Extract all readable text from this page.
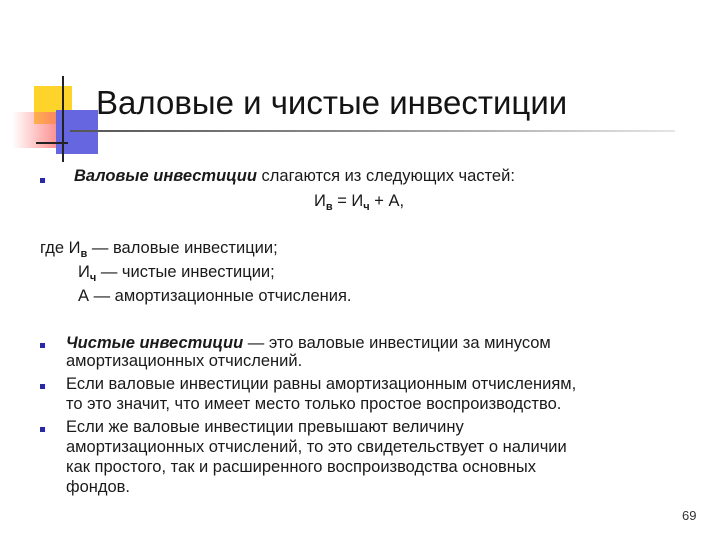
Валовые и чистые инвестиции
Валовые инвестиции слагаются из следующих частей:
$И_в = И_ч + А$,
где $И_в$ — валовые инвестиции;
$И_ч$ — чистые инвестиции;
А — амортизационные отчисления.
Чистые инвестиции — это валовые инвестиции за минусом
амортизационных отчислений.
Если валовые инвестиции равны амортизационным отчислениям,
то это значит, что имеет место только простое воспроизводство.
Если же валовые инвестиции превышают величину
амортизационных отчислений, то это свидетельствует о наличии
как простого, так и расширенного воспроизводства основных
фондов.
69
